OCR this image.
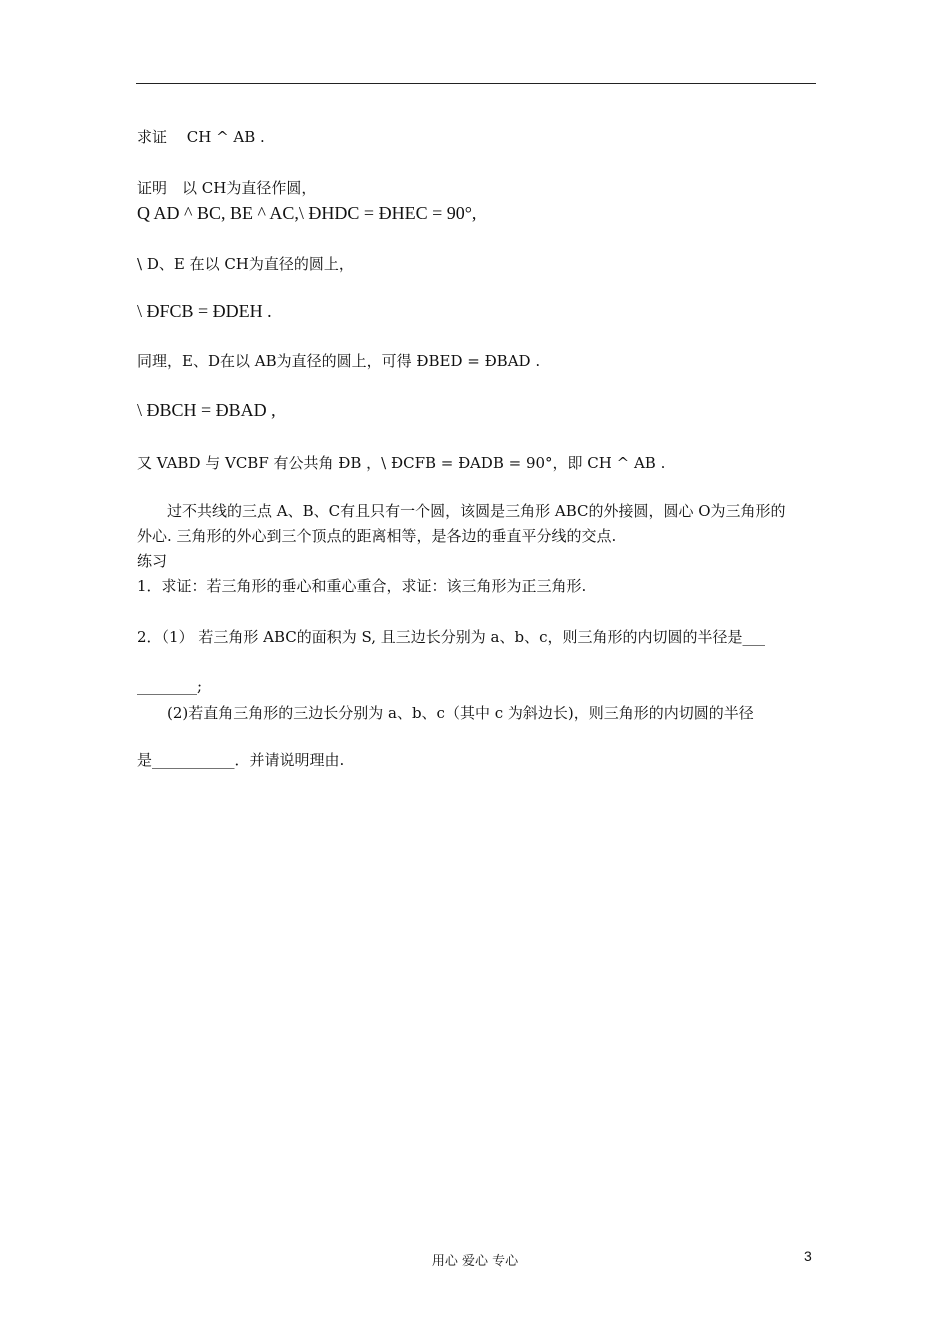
求证　 CH ^ AB .
证明　以 CH为直径作圆，
Q AD ^ BC, BE ^ AC,\ ÐHDC = ÐHEC = 90°,
\ D、E 在以 CH为直径的圆上，
\ ÐFCB = ÐDEH .
同理，E、D在以 AB为直径的圆上，可得 ÐBED = ÐBAD .
\ ÐBCH = ÐBAD ,
又 VABD 与 VCBF 有公共角 ÐB ，\ ÐCFB = ÐADB = 90°，即 CH ^ AB .
　　过不共线的三点 A、B、C有且只有一个圆，该圆是三角形 ABC的外接圆，圆心 O为三角形的
外心. 三角形的外心到三个顶点的距离相等，是各边的垂直平分线的交点.
练习
1．求证：若三角形的垂心和重心重合，求证：该三角形为正三角形.
2．（1） 若三角形 ABC的面积为 S, 且三边长分别为 a、b、c，则三角形的内切圆的半径是___
________;
　　(2)若直角三角形的三边长分别为 a、b、c（其中 c 为斜边长)，则三角形的内切圆的半径
是___________．并请说明理由.
用心 爱心 专心	3
